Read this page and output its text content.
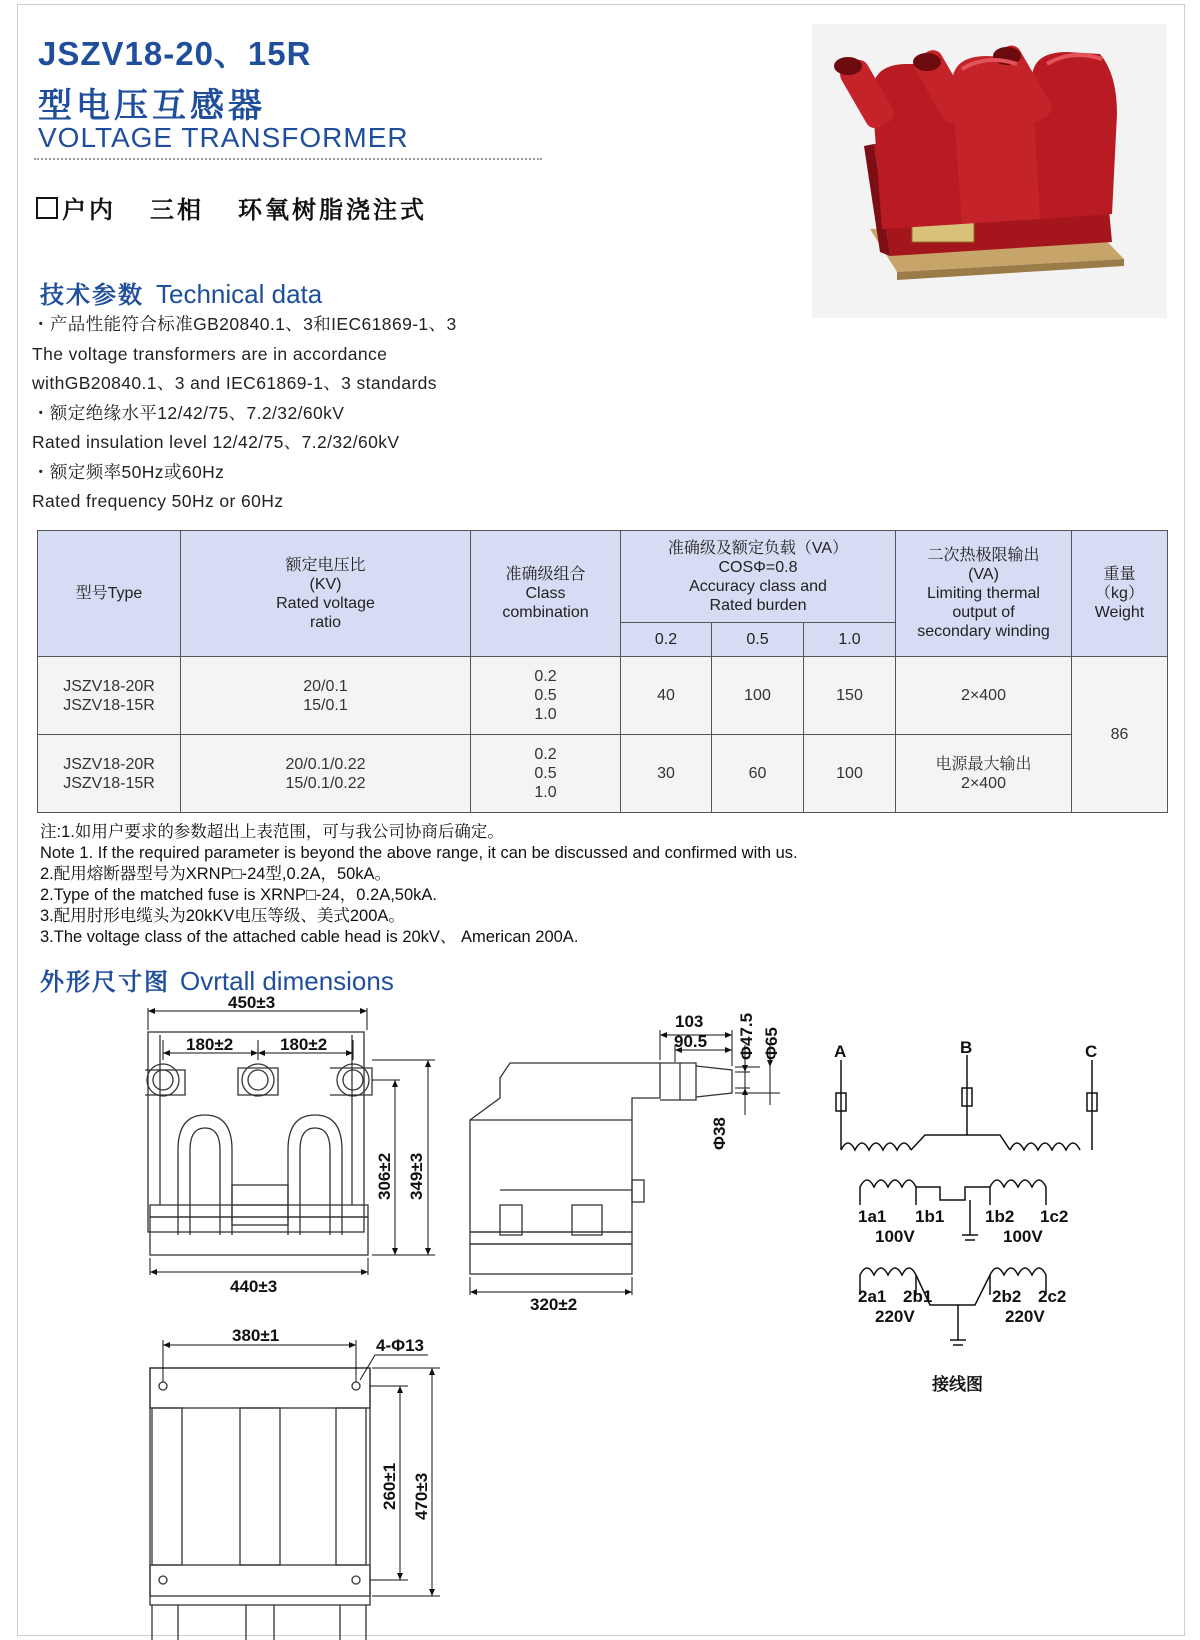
JSZV18-20、15R
型电压互感器
VOLTAGE TRANSFORMER
户内 三相 环氧树脂浇注式
技术参数 Technical data
・产品性能符合标准GB20840.1、3和IEC61869-1、3
The voltage transformers are in accordance
withGB20840.1、3 and IEC61869-1、3 standards
・额定绝缘水平12/42/75、7.2/32/60kV
Rated insulation level 12/42/75、7.2/32/60kV
・额定频率50Hz或60Hz
Rated frequency 50Hz or 60Hz
型号Type	额定电压比
(KV)
Rated voltage
ratio	准确级组合
Class
combination	准确级及额定负载（VA）
COSΦ=0.8
Accuracy class and
Rated burden			二次热极限输出
(VA)
Limiting thermal
output of
secondary winding	重量
（kg）
Weight
			0.2	0.5	1.0		
JSZV18-20R
JSZV18-15R	20/0.1
15/0.1	0.2
0.5
1.0	40	100	150	2×400	86
JSZV18-20R
JSZV18-15R	20/0.1/0.22
15/0.1/0.22	0.2
0.5
1.0	30	60	100	电源最大输出
2×400	
注:1.如用户要求的参数超出上表范围，可与我公司协商后确定。
Note 1. If the required parameter is beyond the above range, it can be discussed and confirmed with us.
2.配用熔断器型号为XRNP□-24型,0.2A，50kA。
2.Type of the matched fuse is XRNP□-24，0.2A,50kA.
3.配用肘形电缆头为20kKV电压等级、美式200A。
3.The voltage class of the attached cable head is 20kV、 American 200A.
外形尺寸图 Ovrtall dimensions
450±3
180±2	180±2
440±3
306±2 349±3
320±2
103
90.5 Φ47.5 Φ65
Φ38
380±1
4-Φ13
260±1 470±3
A	B	C
1a1 1b1 1b2 1c2
100V	100V
2a1 2b1	2b2 2c2
220V	220V
接线图
